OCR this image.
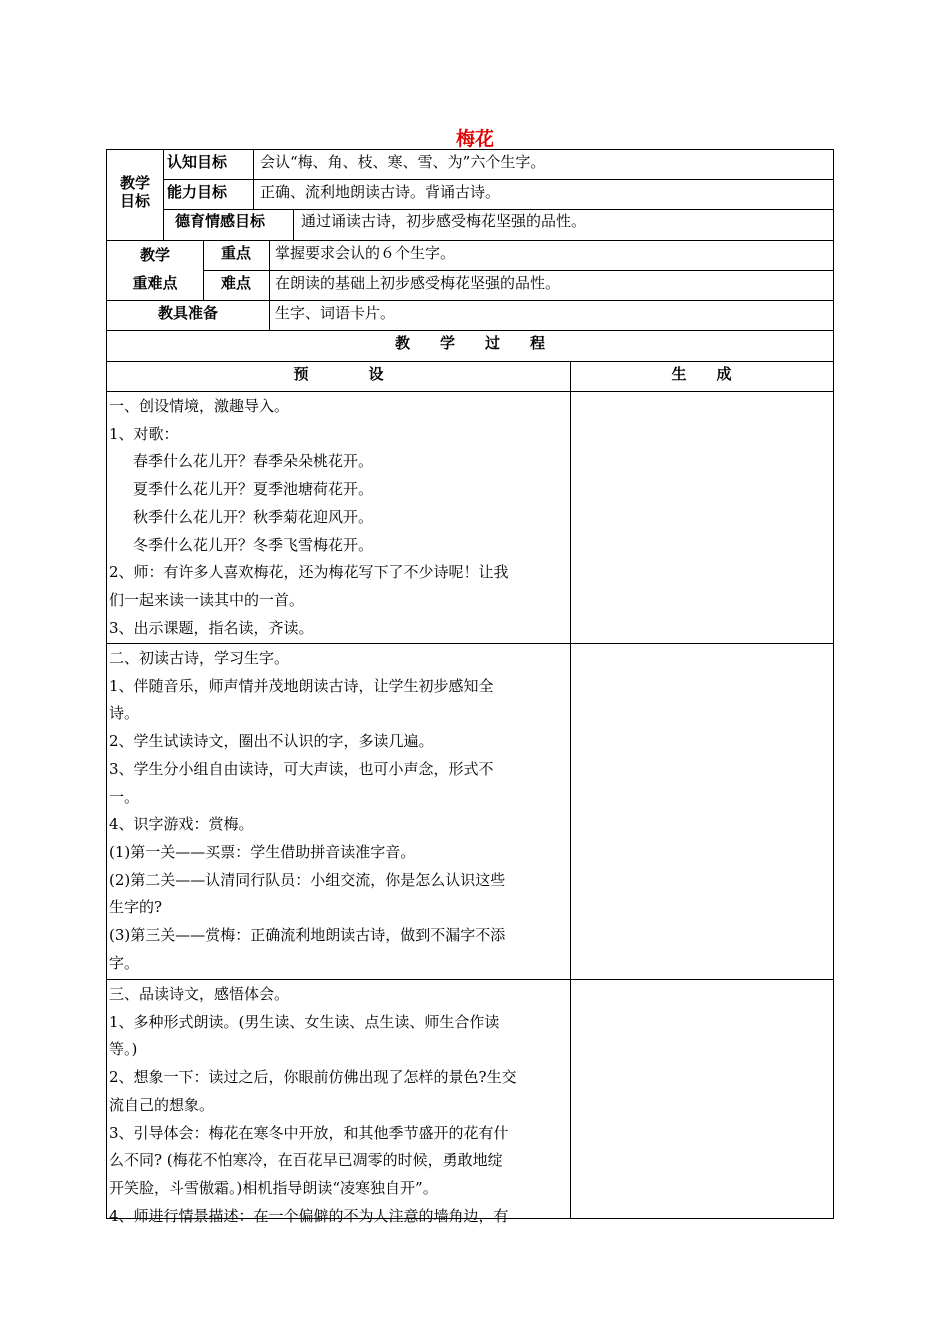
梅花
教学
目标
认知目标 会认“梅、角、枝、寒、雪、为”六个生字。
能力目标 正确、流利地朗读古诗。背诵古诗。
德育情感目标 通过诵读古诗，初步感受梅花坚强的品性。
教学
重难点
重点	掌握要求会认的６个生字。
难点	在朗读的基础上初步感受梅花坚强的品性。
教具准备	生字、词语卡片。
教　　学　　过　　程
预　　　　设	生　　成
一、创设情境，激趣导入。
1、对歌：
春季什么花儿开？春季朵朵桃花开。
夏季什么花儿开？夏季池塘荷花开。
秋季什么花儿开？秋季菊花迎风开。
冬季什么花儿开？冬季飞雪梅花开。
2、师：有许多人喜欢梅花，还为梅花写下了不少诗呢！让我
们一起来读一读其中的一首。
3、出示课题，指名读，齐读。
二、初读古诗，学习生字。
1、伴随音乐，师声情并茂地朗读古诗，让学生初步感知全
诗。
2、学生试读诗文，圈出不认识的字，多读几遍。
3、学生分小组自由读诗，可大声读，也可小声念，形式不
一。
4、识字游戏：赏梅。
(1)第一关——买票：学生借助拼音读准字音。
(2)第二关——认清同行队员：小组交流，你是怎么认识这些
生字的?
(3)第三关——赏梅：正确流利地朗读古诗，做到不漏字不添
字。
三、品读诗文，感悟体会。
1、多种形式朗读。(男生读、女生读、点生读、师生合作读
等。)
2、想象一下：读过之后，你眼前仿佛出现了怎样的景色?生交
流自己的想象。
3、引导体会：梅花在寒冬中开放，和其他季节盛开的花有什
么不同? (梅花不怕寒冷，在百花早已凋零的时候，勇敢地绽
开笑脸，斗雪傲霜。)相机指导朗读“凌寒独自开”。
4、师进行情景描述：在一个偏僻的不为人注意的墙角边，有
